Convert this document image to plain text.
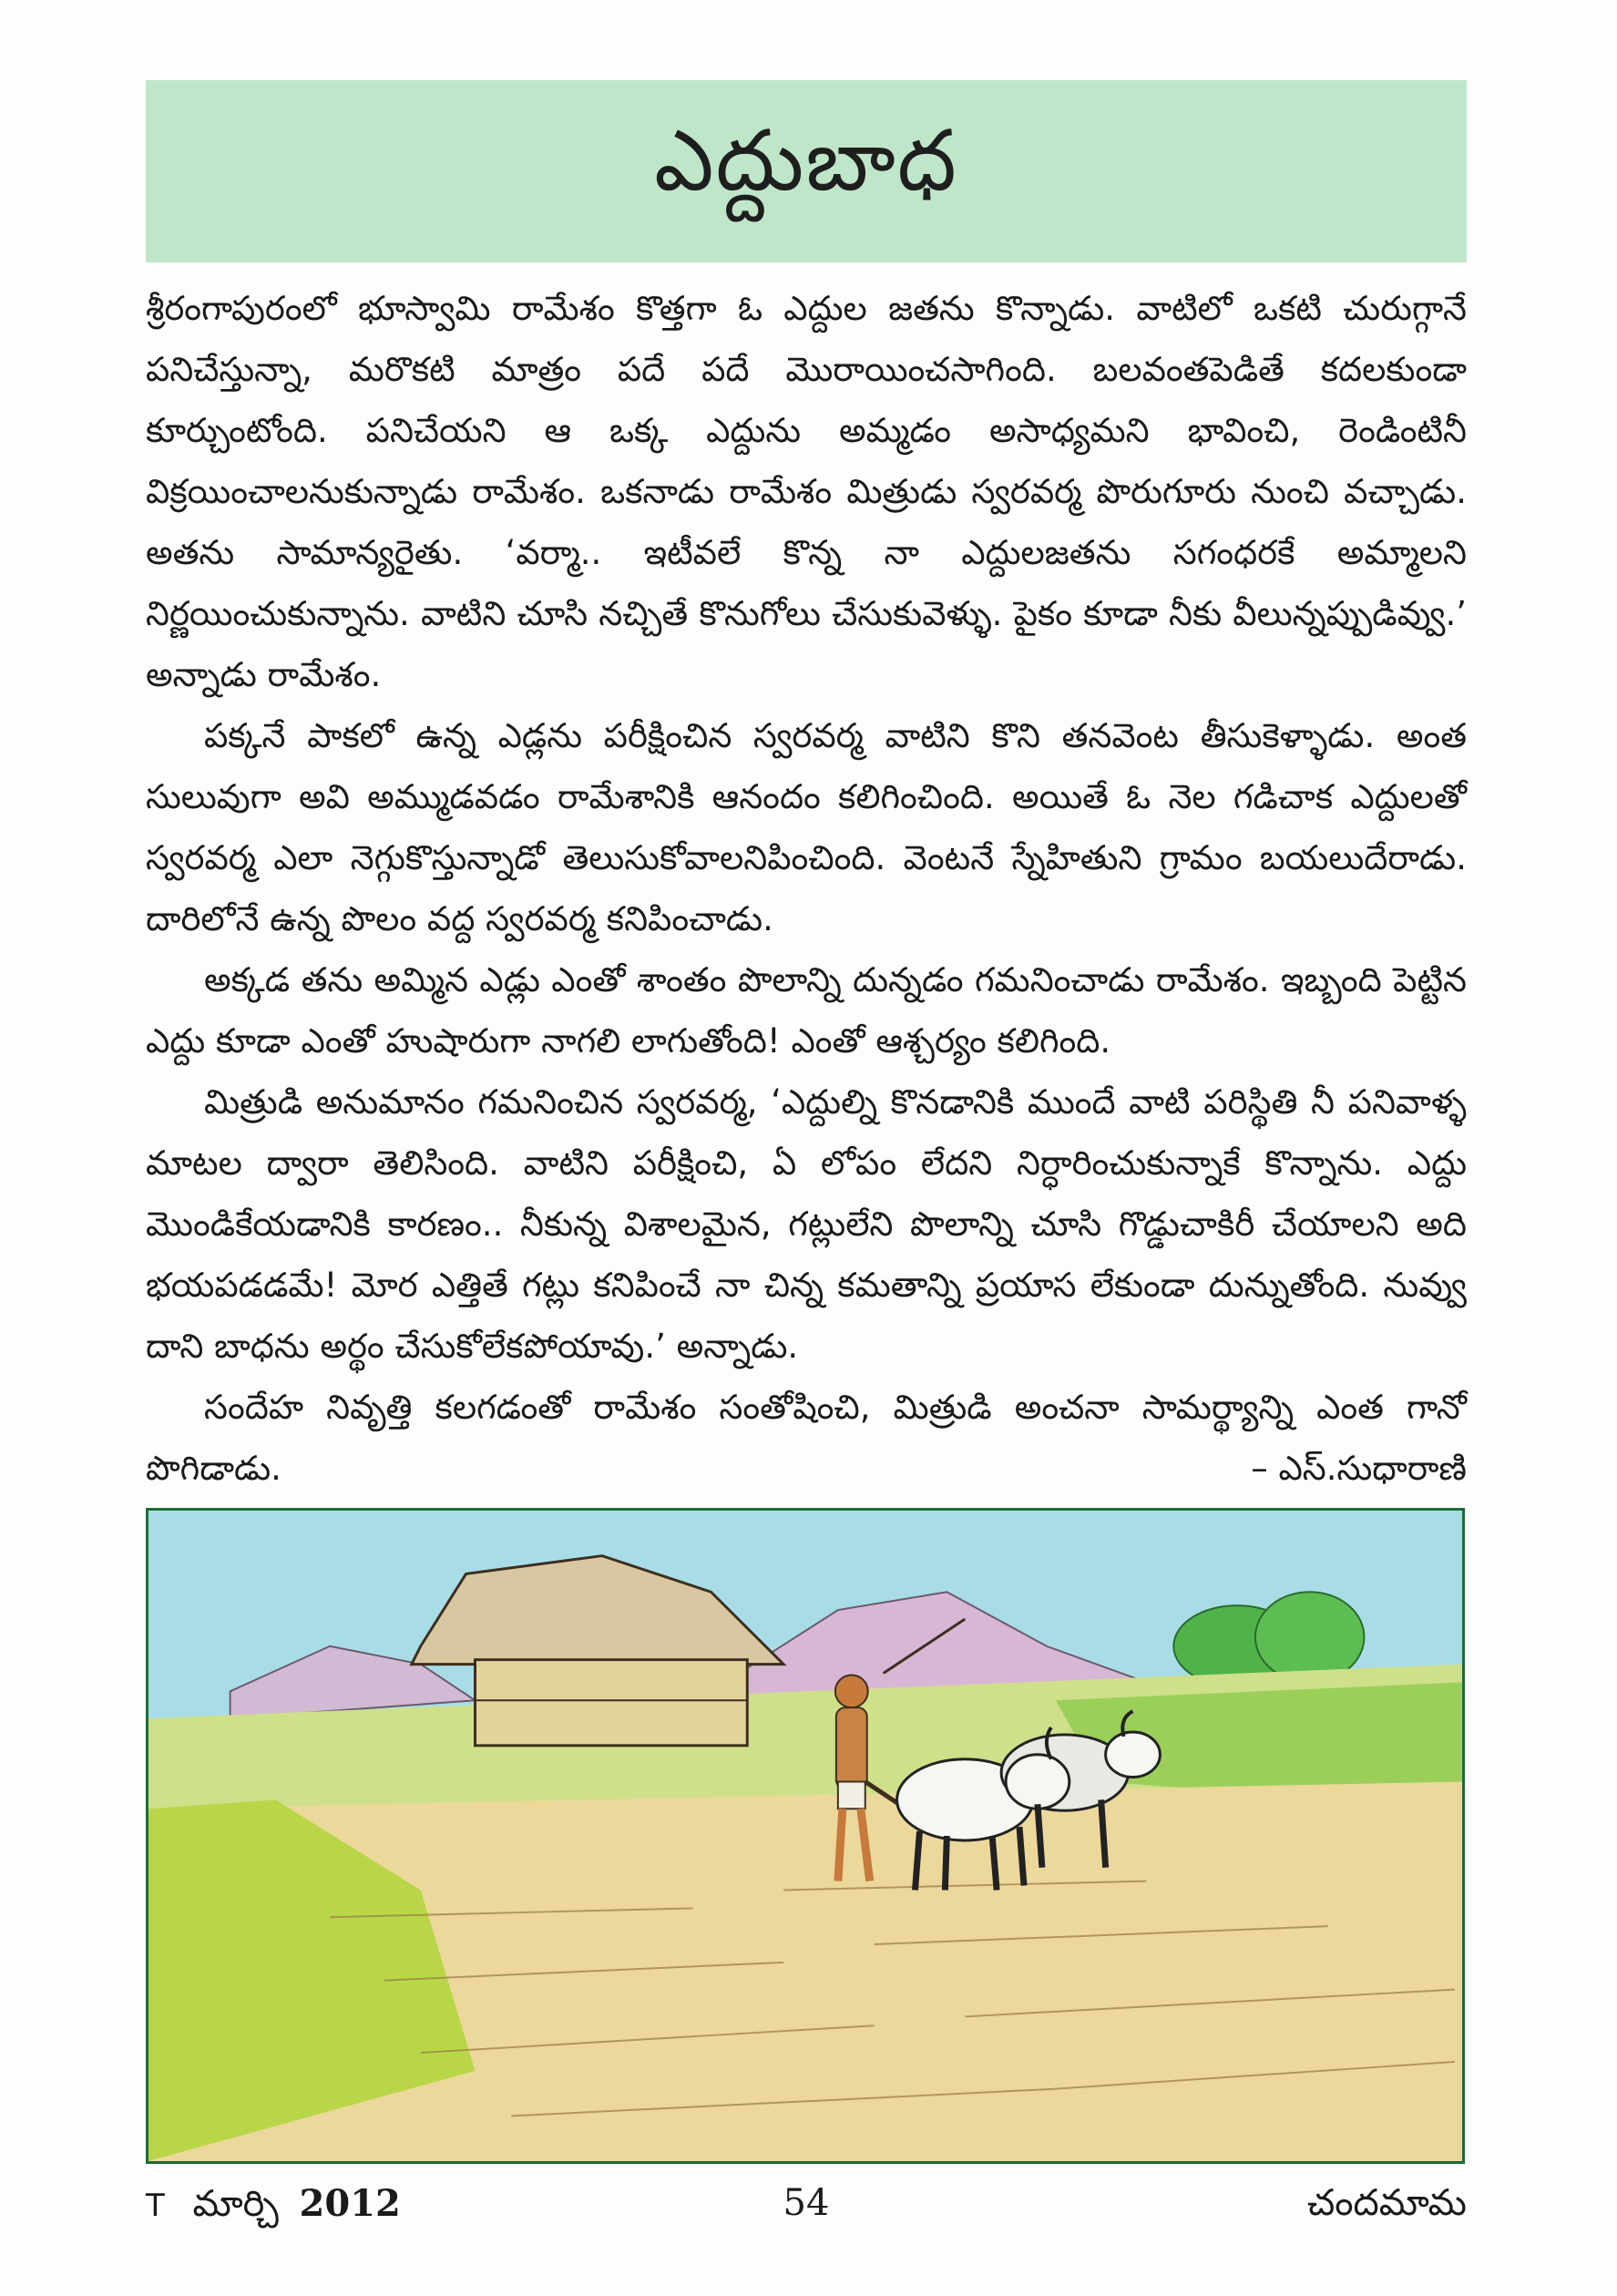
ఎద్దుబాధ

శ్రీరంగాపురంలో భూస్వామి రామేశం కొత్తగా ఓ ఎద్దుల జతను కొన్నాడు. వాటిలో ఒకటి చురుగ్గానే పనిచేస్తున్నా, మరొకటి మాత్రం పదే పదే మొరాయించసాగింది. బలవంతపెడితే కదలకుండా కూర్చుంటోంది. పనిచేయని ఆ ఒక్క ఎద్దును అమ్మడం అసాధ్యమని భావించి, రెండింటినీ విక్రయించాలనుకున్నాడు రామేశం. ఒకనాడు రామేశం మిత్రుడు స్వరవర్మ పొరుగూరు నుంచి వచ్చాడు. అతను సామాన్యరైతు. ‘వర్మా.. ఇటీవలే కొన్న నా ఎద్దులజతను సగంధరకే అమ్మాలని నిర్ణయించుకున్నాను. వాటిని చూసి నచ్చితే కొనుగోలు చేసుకువెళ్ళు. పైకం కూడా నీకు వీలున్నప్పుడివ్వు.’ అన్నాడు రామేశం.

పక్కనే పాకలో ఉన్న ఎడ్లను పరీక్షించిన స్వరవర్మ వాటిని కొని తనవెంట తీసుకెళ్ళాడు. అంత సులువుగా అవి అమ్ముడవడం రామేశానికి ఆనందం కలిగించింది. అయితే ఓ నెల గడిచాక ఎద్దులతో స్వరవర్మ ఎలా నెగ్గుకొస్తున్నాడో తెలుసుకోవాలనిపించింది. వెంటనే స్నేహితుని గ్రామం బయలుదేరాడు. దారిలోనే ఉన్న పొలం వద్ద స్వరవర్మ కనిపించాడు.

అక్కడ తను అమ్మిన ఎడ్లు ఎంతో శాంతం పొలాన్ని దున్నడం గమనించాడు రామేశం. ఇబ్బంది పెట్టిన ఎద్దు కూడా ఎంతో హుషారుగా నాగలి లాగుతోంది! ఎంతో ఆశ్చర్యం కలిగింది.

మిత్రుడి అనుమానం గమనించిన స్వరవర్మ, ‘ఎద్దుల్ని కొనడానికి ముందే వాటి పరిస్థితి నీ పనివాళ్ళ మాటల ద్వారా తెలిసింది. వాటిని పరీక్షించి, ఏ లోపం లేదని నిర్ధారించుకున్నాకే కొన్నాను. ఎద్దు మొండికేయడానికి కారణం.. నీకున్న విశాలమైన, గట్లులేని పొలాన్ని చూసి గొడ్డుచాకిరీ చేయాలని అది భయపడడమే! మోర ఎత్తితే గట్లు కనిపించే నా చిన్న కమతాన్ని ప్రయాస లేకుండా దున్నుతోంది. నువ్వు దాని బాధను అర్థం చేసుకోలేకపోయావు.’ అన్నాడు.

సందేహ నివృత్తి కలగడంతో రామేశం సంతోషించి, మిత్రుడి అంచనా సామర్థ్యాన్ని ఎంత గానో పొగిడాడు.	– ఎస్.సుధారాణి
T మార్చి 2012	54	చందమామ
